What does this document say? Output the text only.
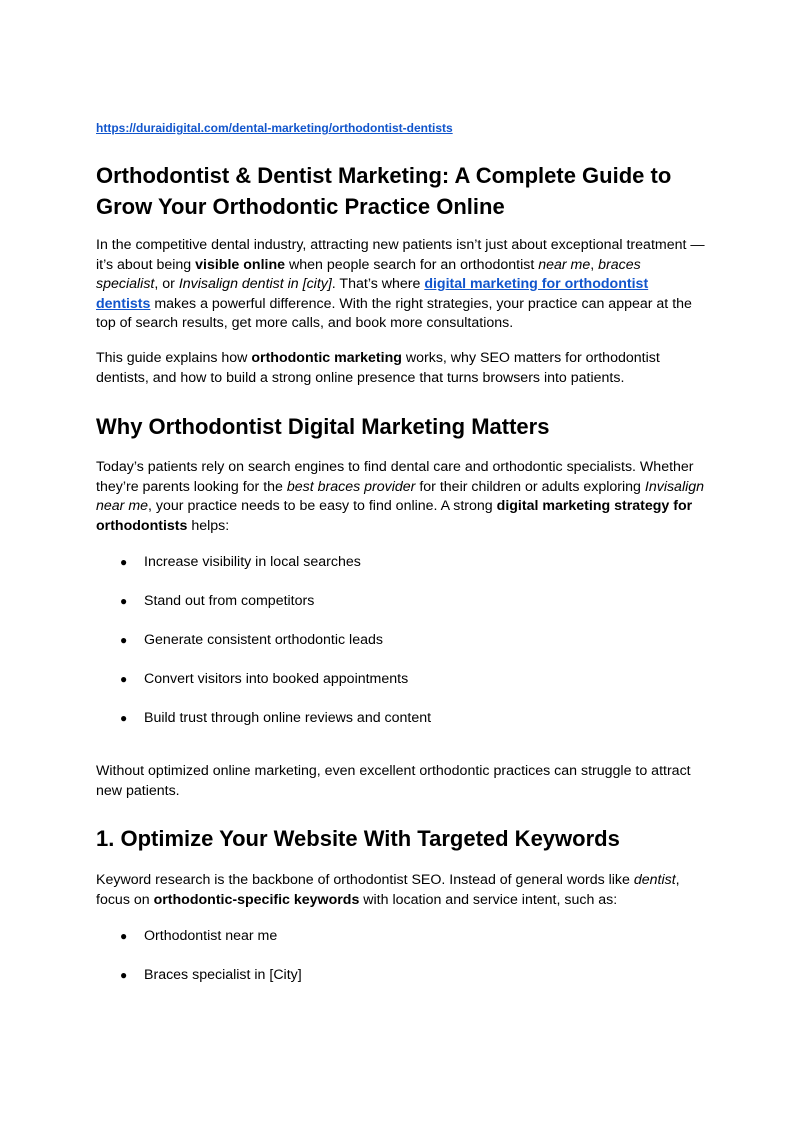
https://duraidigital.com/dental-marketing/orthodontist-dentists
Orthodontist & Dentist Marketing: A Complete Guide to Grow Your Orthodontic Practice Online

In the competitive dental industry, attracting new patients isn’t just about exceptional treatment — it’s about being visible online when people search for an orthodontist near me, braces specialist, or Invisalign dentist in [city]. That’s where digital marketing for orthodontist dentists makes a powerful difference. With the right strategies, your practice can appear at the top of search results, get more calls, and book more consultations.

This guide explains how orthodontic marketing works, why SEO matters for orthodontist dentists, and how to build a strong online presence that turns browsers into patients.

Why Orthodontist Digital Marketing Matters

Today’s patients rely on search engines to find dental care and orthodontic specialists. Whether they’re parents looking for the best braces provider for their children or adults exploring Invisalign near me, your practice needs to be easy to find online. A strong digital marketing strategy for orthodontists helps:

● Increase visibility in local searches
● Stand out from competitors
● Generate consistent orthodontic leads
● Convert visitors into booked appointments
● Build trust through online reviews and content

Without optimized online marketing, even excellent orthodontic practices can struggle to attract new patients.

1. Optimize Your Website With Targeted Keywords

Keyword research is the backbone of orthodontist SEO. Instead of general words like dentist, focus on orthodontic-specific keywords with location and service intent, such as:

● Orthodontist near me
● Braces specialist in [City]
